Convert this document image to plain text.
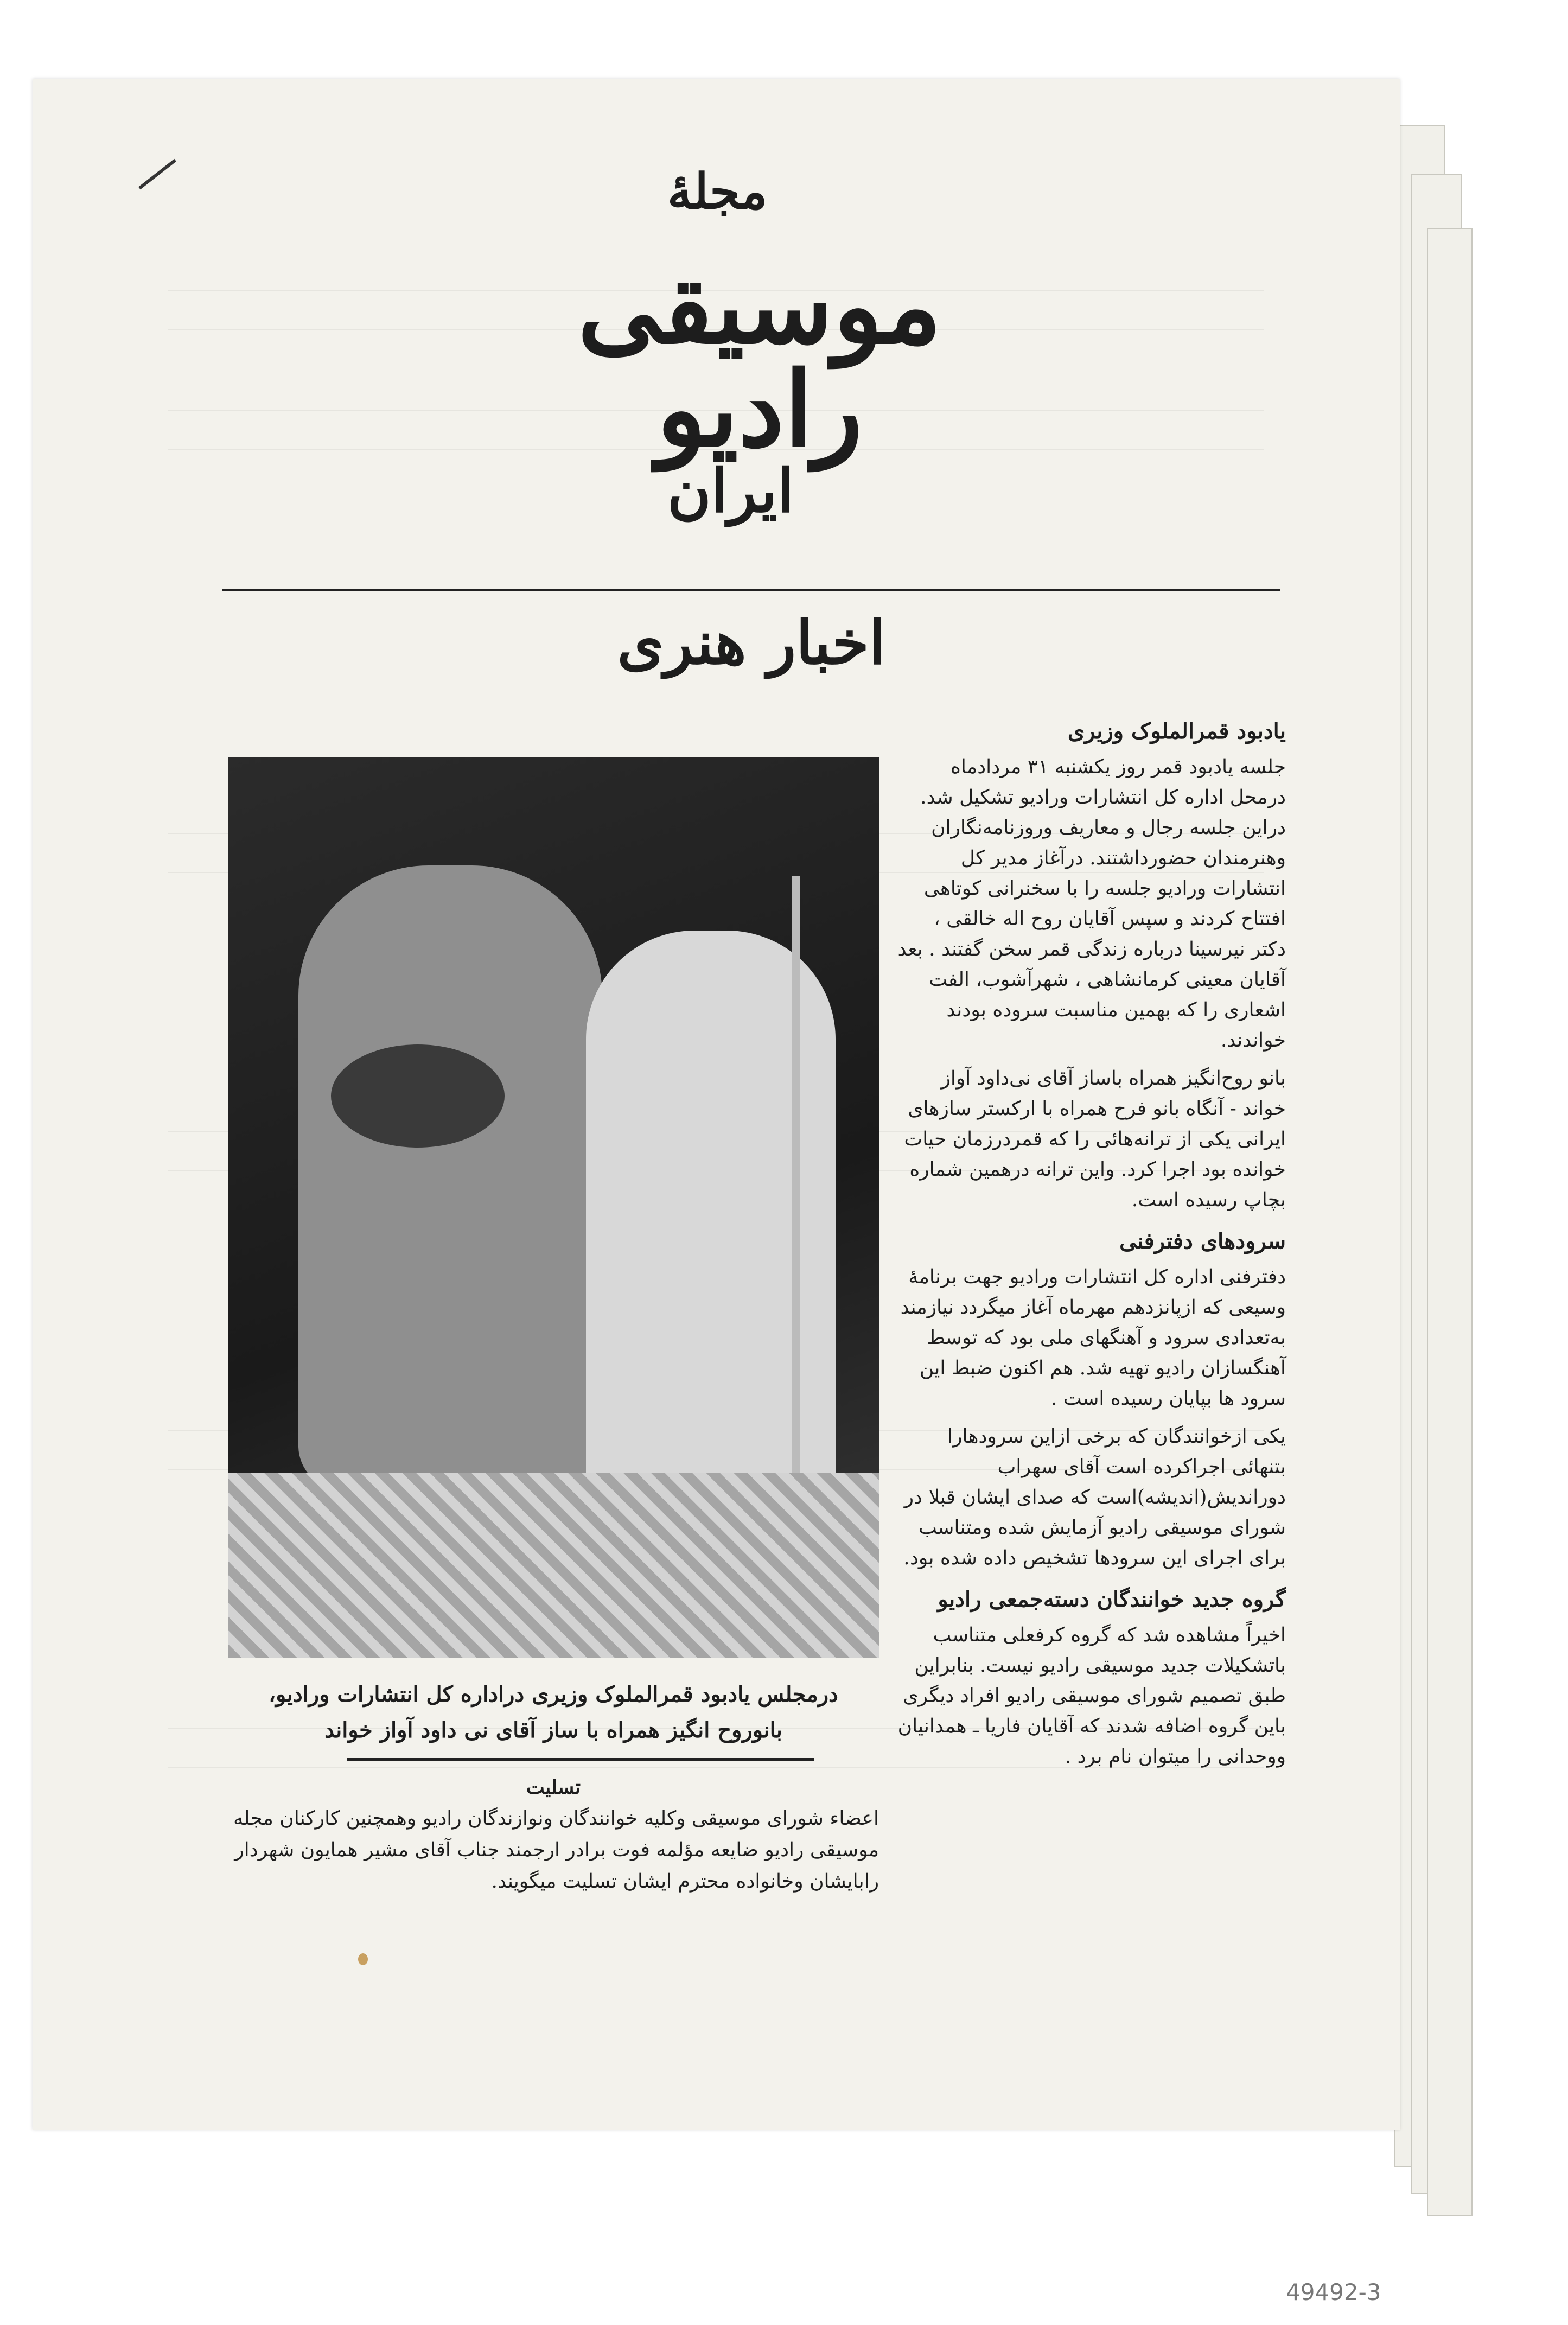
مجلهٔ
موسیقی رادیو
ایران
اخبار هنری
یادبود قمرالملوک وزیری
جلسه یادبود قمر روز یکشنبه ۳۱ مردادماه درمحل اداره کل انتشارات ورادیو تشکیل شد. دراین جلسه رجال و معاریف وروزنامه‌نگاران وهنرمندان حضورداشتند. درآغاز مدیر کل انتشارات ورادیو جلسه را با سخنرانی کوتاهی افتتاح کردند و سپس آقایان روح اله خالقی ، دکتر نیرسینا درباره زندگی قمر سخن گفتند . بعد آقایان معینی کرمانشاهی ، شهرآشوب، الفت اشعاری را که بهمین مناسبت سروده بودند خواندند.
بانو روح‌انگیز همراه باساز آقای نی‌داود آواز خواند - آنگاه بانو فرح همراه با ارکستر سازهای ایرانی یکی از ترانه‌هائی را که قمردرزمان حیات خوانده بود اجرا کرد. واین ترانه درهمین شماره بچاپ رسیده است.
سرودهای دفترفنی
دفترفنی اداره کل انتشارات ورادیو جهت برنامهٔ وسیعی که ازپانزدهم مهرماه آغاز میگردد نیازمند به‌تعدادی سرود و آهنگهای ملی بود که توسط آهنگسازان رادیو تهیه شد. هم اکنون ضبط این سرود ها بپایان رسیده است .
یکی ازخوانندگان که برخی ازاین سرودهارا بتنهائی اجراکرده است آقای سهراب دوراندیش(اندیشه)است که صدای ایشان قبلا در شورای موسیقی رادیو آزمایش شده ومتناسب برای اجرای این سرودها تشخیص داده شده بود.
گروه جدید خوانندگان دسته‌جمعی رادیو
اخیراً مشاهده شد که گروه کرفعلی متناسب باتشکیلات جدید موسیقی رادیو نیست. بنابراین طبق تصمیم شورای موسیقی رادیو افراد دیگری باین گروه اضافه شدند که آقایان فاریا ـ همدانیان ووحدانی را میتوان نام برد .
درمجلس یادبود قمرالملوک وزیری دراداره کل انتشارات ورادیو،
بانوروح انگیز همراه با ساز آقای نی داود آواز خواند
تسلیت
اعضاء شورای موسیقی وکلیه خوانندگان ونوازندگان رادیو وهمچنین کارکنان مجله موسیقی رادیو ضایعه مؤلمه فوت برادر ارجمند جناب آقای مشیر همایون شهردار رابایشان وخانواده محترم ایشان تسلیت میگویند.
49492-3
